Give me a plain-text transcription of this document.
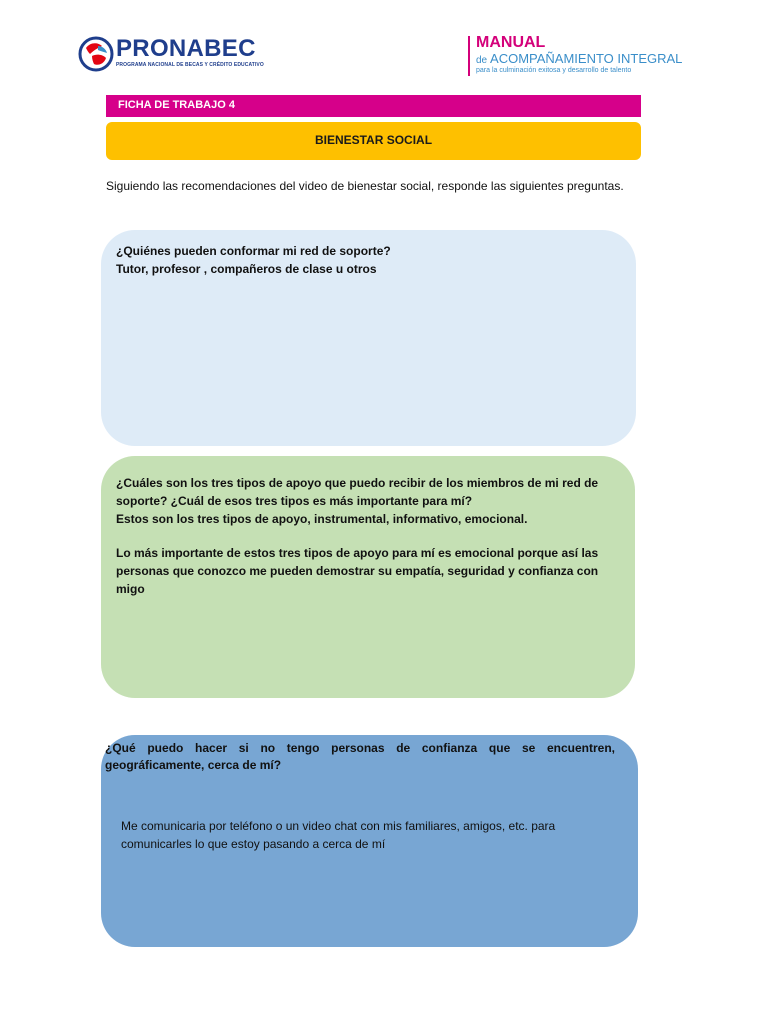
PRONABEC
PROGRAMA NACIONAL DE BECAS Y CRÉDITO EDUCATIVO
MANUAL
de ACOMPAÑAMIENTO INTEGRAL
para la culminación exitosa y desarrollo de talento
FICHA DE TRABAJO 4
BIENESTAR SOCIAL
Siguiendo las recomendaciones del video de bienestar social, responde las siguientes preguntas.

¿Quiénes pueden conformar mi red de soporte?

Tutor, profesor , compañeros de clase u otros

¿Cuáles son los tres tipos de apoyo que puedo recibir de los miembros de mi red de

soporte? ¿Cuál de esos tres tipos es más importante para mí?

Estos son los tres tipos de apoyo, instrumental, informativo, emocional.

Lo más importante de estos tres tipos de apoyo para mí es emocional porque así las

personas que conozco me pueden demostrar su empatía, seguridad y confianza con

migo

¿Qué puedo hacer si no tengo personas de confianza que se encuentren, geográficamente, cerca de mí?
Me comunicaria por teléfono o un video chat con mis familiares, amigos, etc. para
comunicarles lo que estoy pasando a cerca de mí
